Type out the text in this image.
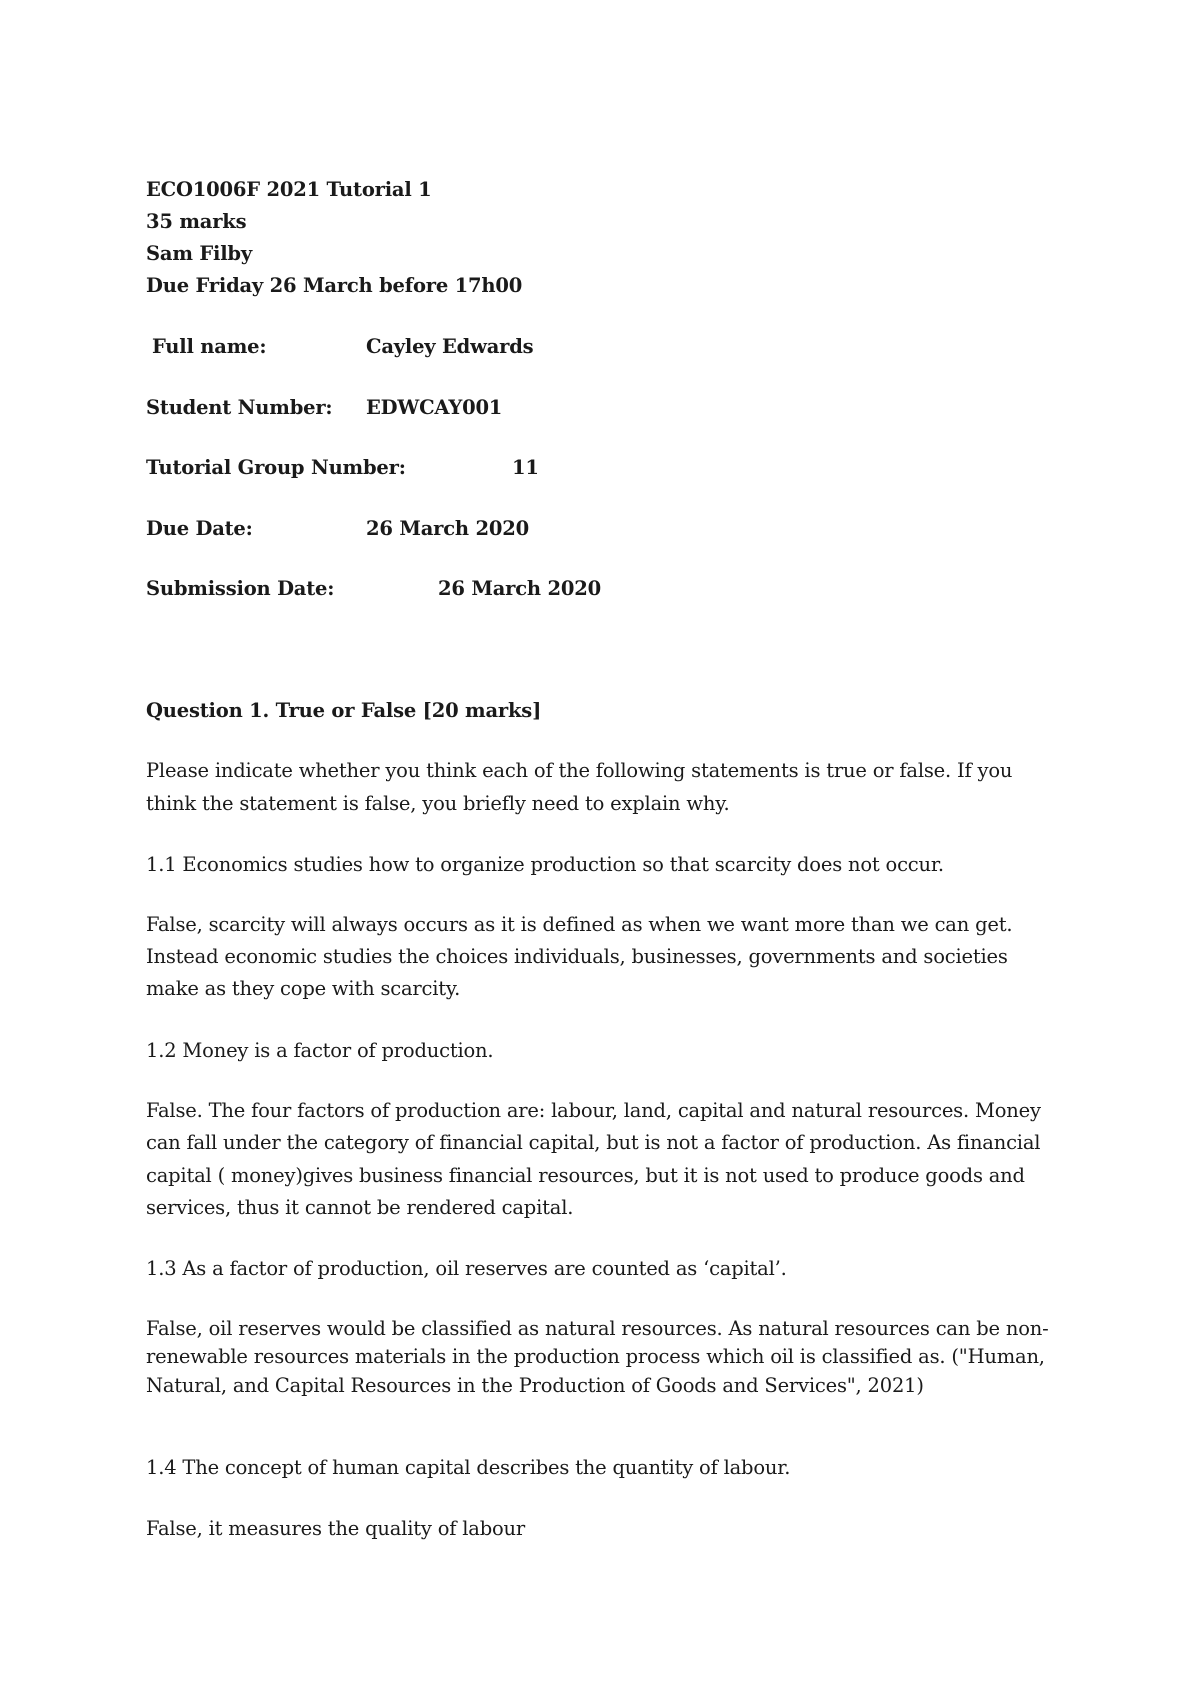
ECO1006F 2021 Tutorial 1
35 marks
Sam Filby
Due Friday 26 March before 17h00
Full name:	Cayley Edwards
Student Number: EDWCAY001
Tutorial Group Number:	11
Due Date:	26 March 2020
Submission Date:	26 March 2020
Question 1. True or False [20 marks]
Please indicate whether you think each of the following statements is true or false. If you
think the statement is false, you briefly need to explain why.
1.1 Economics studies how to organize production so that scarcity does not occur.
False, scarcity will always occurs as it is defined as when we want more than we can get.
Instead economic studies the choices individuals, businesses, governments and societies
make as they cope with scarcity.
1.2 Money is a factor of production.
False. The four factors of production are: labour, land, capital and natural resources. Money
can fall under the category of financial capital, but is not a factor of production. As financial
capital ( money)gives business financial resources, but it is not used to produce goods and
services, thus it cannot be rendered capital.
1.3 As a factor of production, oil reserves are counted as ‘capital’.
False, oil reserves would be classified as natural resources. As natural resources can be non-
renewable resources materials in the production process which oil is classified as. ("Human,
Natural, and Capital Resources in the Production of Goods and Services", 2021)
1.4 The concept of human capital describes the quantity of labour.
False, it measures the quality of labour
